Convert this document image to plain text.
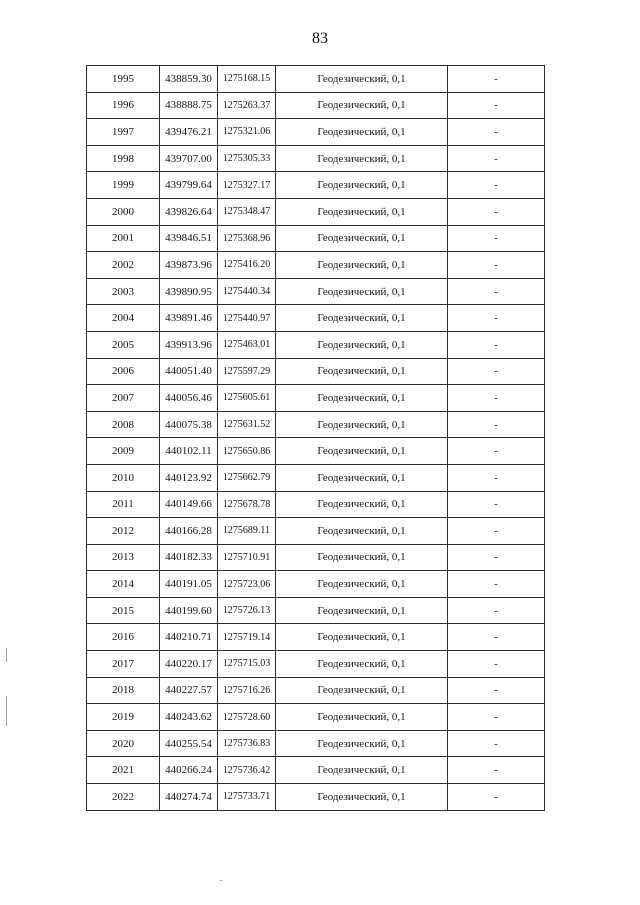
83
1995	438859.30	1275168.15	Геодезический, 0,1	-
1996	438888.75	1275263.37	Геодезический, 0,1	-
1997	439476.21	1275321.06	Геодезический, 0,1	-
1998	439707.00	1275305.33	Геодезический, 0,1	-
1999	439799.64	1275327.17	Геодезический, 0,1	-
2000	439826.64	1275348.47	Геодезический, 0,1	-
2001	439846.51	1275368.96	Геодезический, 0,1	-
2002	439873.96	1275416.20	Геодезический, 0,1	-
2003	439890.95	1275440.34	Геодезический, 0,1	-
2004	439891.46	1275440.97	Геодезический, 0,1	-
2005	439913.96	1275463.01	Геодезический, 0,1	-
2006	440051.40	1275597.29	Геодезический, 0,1	-
2007	440056.46	1275605.61	Геодезический, 0,1	-
2008	440075.38	1275631.52	Геодезический, 0,1	-
2009	440102.11	1275650.86	Геодезический, 0,1	-
2010	440123.92	1275662.79	Геодезический, 0,1	-
2011	440149.66	1275678.78	Геодезический, 0,1	-
2012	440166.28	1275689.11	Геодезический, 0,1	-
2013	440182.33	1275710.91	Геодезический, 0,1	-
2014	440191.05	1275723.06	Геодезический, 0,1	-
2015	440199.60	1275726.13	Геодезический, 0,1	-
2016	440210.71	1275719.14	Геодезический, 0,1	-
2017	440220.17	1275715.03	Геодезический, 0,1	-
2018	440227.57	1275716.26	Геодезический, 0,1	-
2019	440243.62	1275728.60	Геодезический, 0,1	-
2020	440255.54	1275736.83	Геодезический, 0,1	-
2021	440266.24	1275736.42	Геодезический, 0,1	-
2022	440274.74	1275733.71	Геодезический, 0,1	-
